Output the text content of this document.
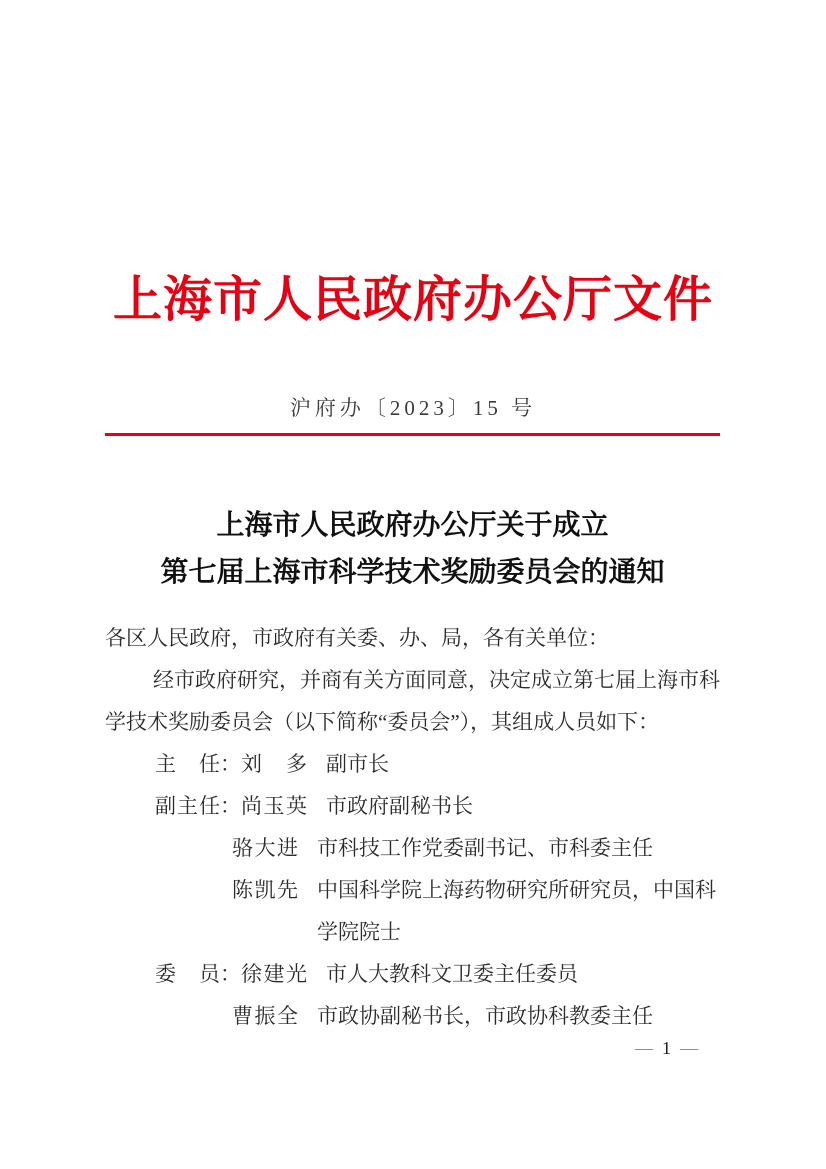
上海市人民政府办公厅文件
沪府办〔2023〕15 号
上海市人民政府办公厅关于成立
第七届上海市科学技术奖励委员会的通知
各区人民政府，市政府有关委、办、局，各有关单位：
经市政府研究，并商有关方面同意，决定成立第七届上海市科
学技术奖励委员会（以下简称“委员会”），其组成人员如下：
主任 ： 刘多 副市长
副主任 ： 尚玉英 市政府副秘书长
骆大进 市科技工作党委副书记、市科委主任
陈凯先 中国科学院上海药物研究所研究员，中国科
学院院士
委员 ： 徐建光 市人大教科文卫委主任委员
曹振全 市政协副秘书长，市政协科教委主任
— 1 —
